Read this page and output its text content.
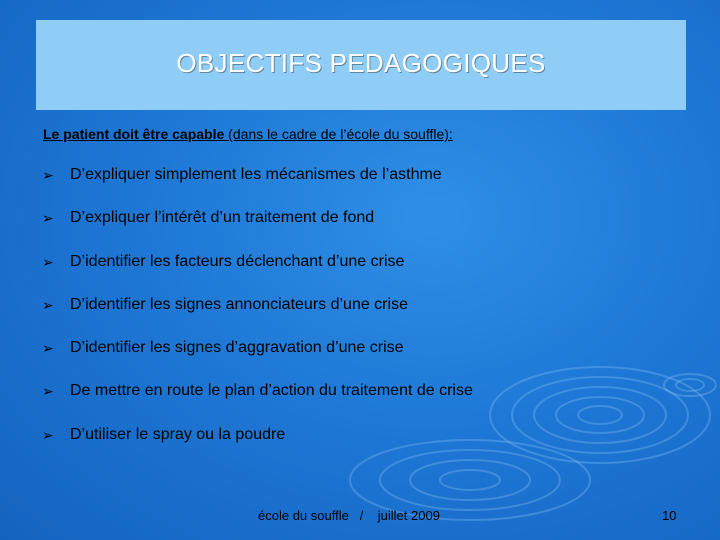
OBJECTIFS PEDAGOGIQUES
Le patient doit être capable (dans le cadre de l’école du souffle):
➢	D’expliquer simplement les mécanismes de l’asthme
➢	D’expliquer l’intérêt d’un traitement de fond
➢	D’identifier les facteurs déclenchant d’une crise
➢	D’identifier les signes annonciateurs d’une crise
➢	D’identifier les signes d’aggravation d’une crise
➢	De mettre en route le plan d’action du traitement de crise
➢	D’utiliser le spray ou la poudre
école du souffle / juillet 2009	10
